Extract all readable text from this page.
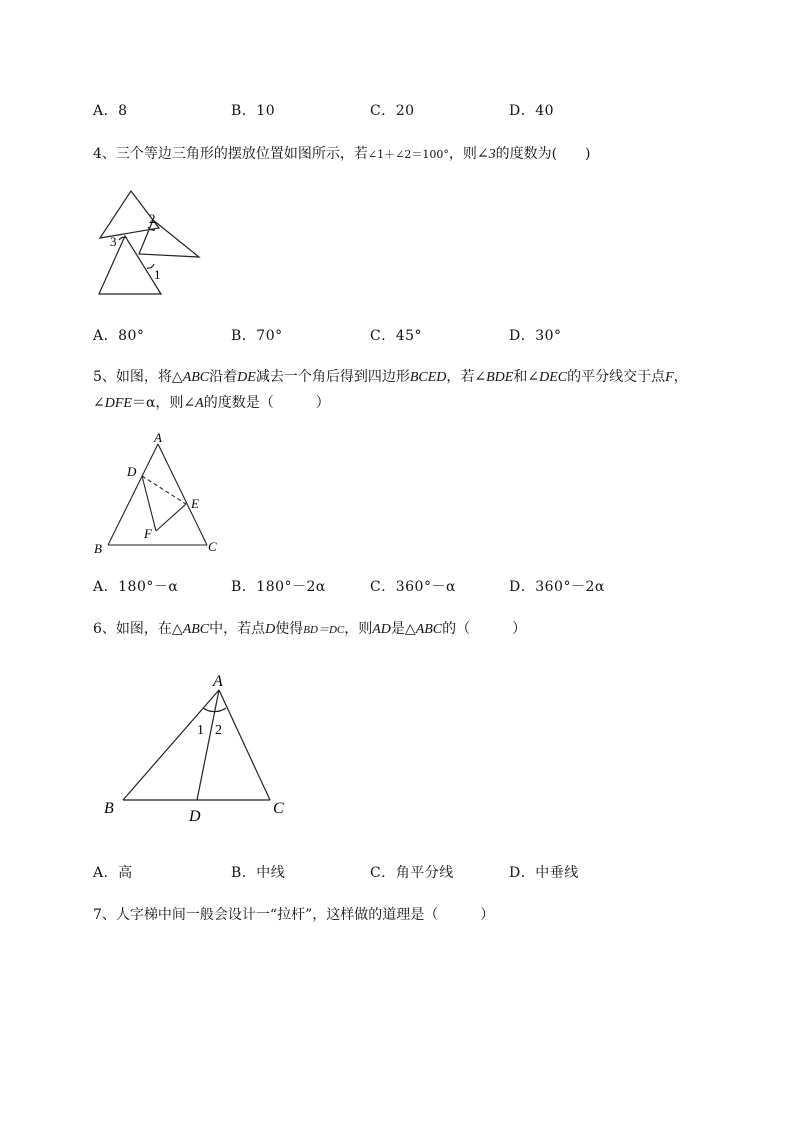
A．8	B．10	C．20	D．40
4、三个等边三角形的摆放位置如图所示，若∠1＋∠2＝100°，则∠3的度数为(　　)
2
3
1
A．80°	B．70°	C．45°	D．30°
5、如图，将△ABC沿着DE减去一个角后得到四边形BCED，若∠BDE和∠DEC的平分线交于点F，
∠DFE＝α，则∠A的度数是（　　　）
A
D
E
F
B	C
A．180°－α	B．180°－2α	C．360°－α	D．360°－2α
6、如图，在△ABC中，若点D使得BD＝DC，则AD是△ABC的（　　　）
A
1 2
B	D	C
A．高	B．中线	C．角平分线	D．中垂线
7、人字梯中间一般会设计一“拉杆”，这样做的道理是（　　　）
